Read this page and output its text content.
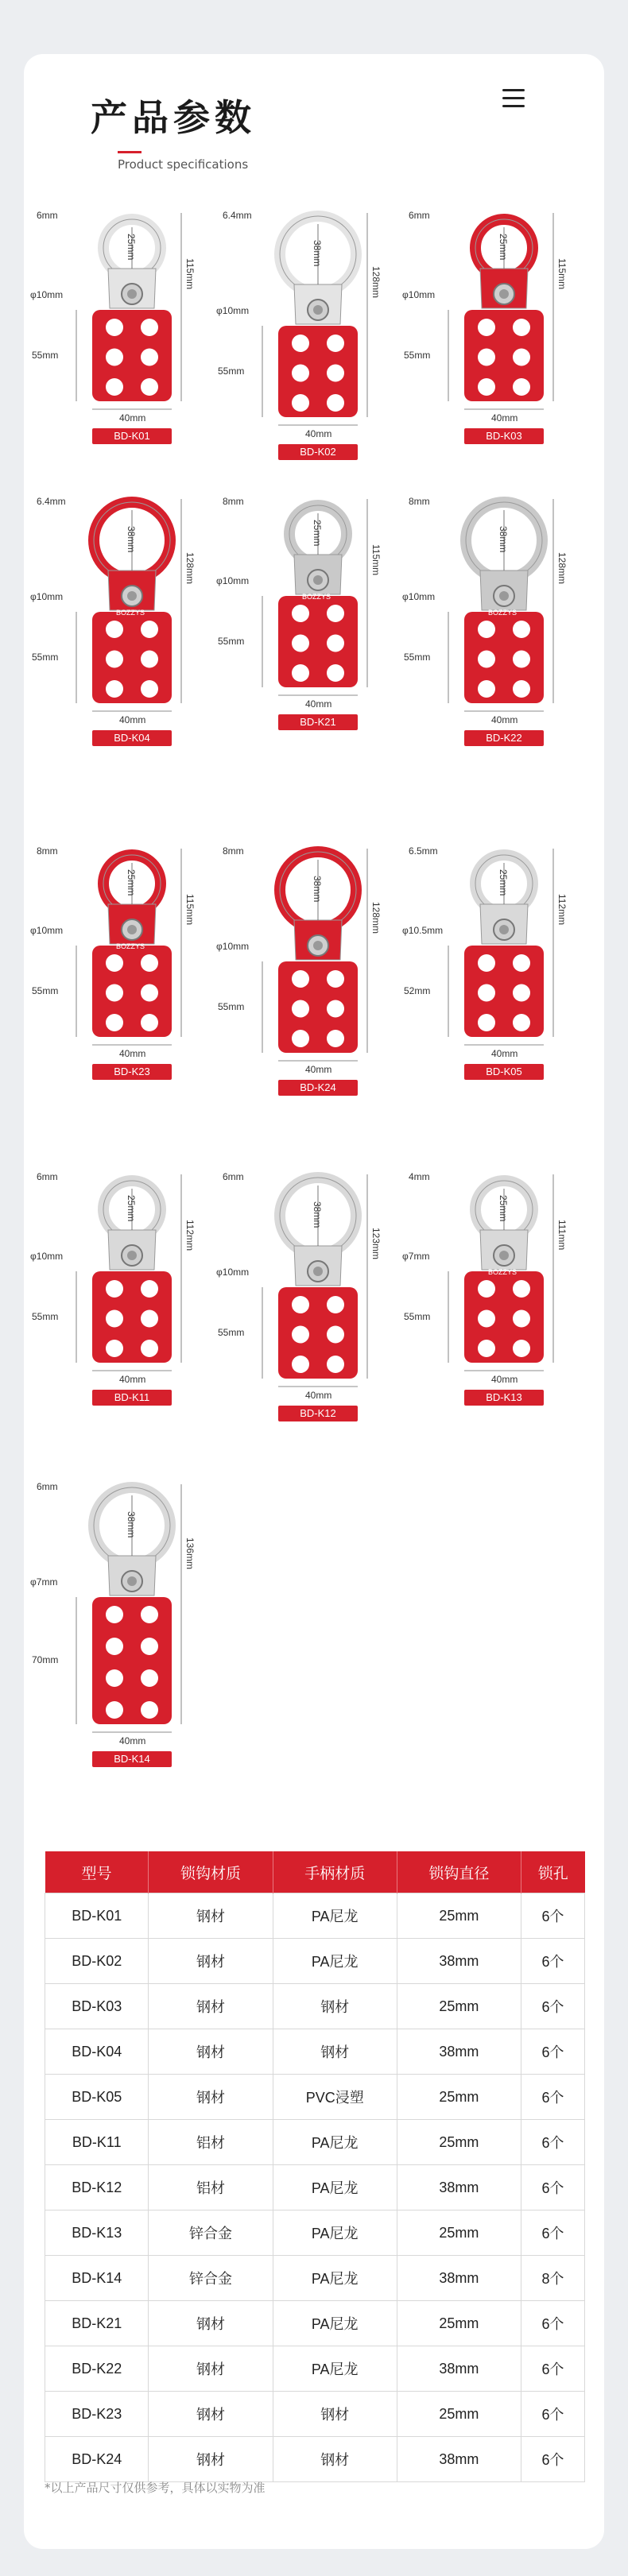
产品参数
Product specifications
6mm
25mm
φ10mm
115mm
55mm
40mm
BD-K01
6.4mm
38mm
φ10mm
128mm
55mm
40mm
BD-K02
6mm
25mm
φ10mm
115mm
55mm
40mm
BD-K03
BOZZYS
6.4mm
38mm
φ10mm
128mm
55mm
40mm
BD-K04
BOZZYS
8mm
25mm
φ10mm
115mm
55mm
40mm
BD-K21
BOZZYS
8mm
38mm
φ10mm
128mm
55mm
40mm
BD-K22
BOZZYS
8mm
25mm
φ10mm
115mm
55mm
40mm
BD-K23
8mm
38mm
φ10mm
128mm
55mm
40mm
BD-K24
6.5mm
25mm
φ10.5mm
112mm
52mm
40mm
BD-K05
6mm
25mm
φ10mm
112mm
55mm
40mm
BD-K11
6mm
38mm
φ10mm
123mm
55mm
40mm
BD-K12
BOZZYS
4mm
25mm
φ7mm
111mm
55mm
40mm
BD-K13
6mm
38mm
φ7mm
136mm
70mm
40mm
BD-K14
型号	锁钩材质	手柄材质	锁钩直径	锁孔
BD-K01	钢材	PA尼龙	25mm	6个
BD-K02	钢材	PA尼龙	38mm	6个
BD-K03	钢材	钢材	25mm	6个
BD-K04	钢材	钢材	38mm	6个
BD-K05	钢材	PVC浸塑	25mm	6个
BD-K11	铝材	PA尼龙	25mm	6个
BD-K12	铝材	PA尼龙	38mm	6个
BD-K13	锌合金	PA尼龙	25mm	6个
BD-K14	锌合金	PA尼龙	38mm	8个
BD-K21	钢材	PA尼龙	25mm	6个
BD-K22	钢材	PA尼龙	38mm	6个
BD-K23	钢材	钢材	25mm	6个
BD-K24	钢材	钢材	38mm	6个
*以上产品尺寸仅供参考，具体以实物为准
